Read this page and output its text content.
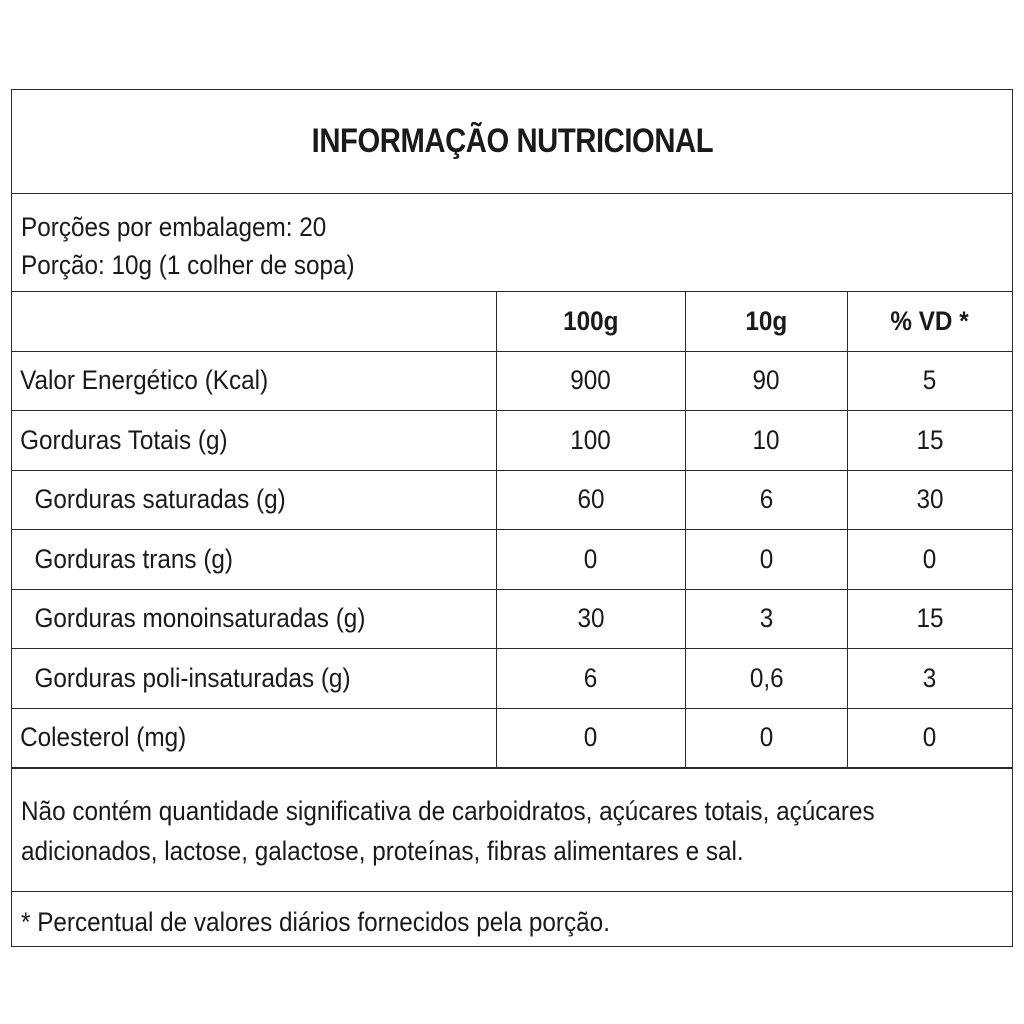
INFORMAÇÃO NUTRICIONAL
Porções por embalagem: 20
Porção: 10g (1 colher de sopa)
	100g	10g	% VD *
Valor Energético (Kcal)	900	90	5
Gorduras Totais (g)	100	10	15
Gorduras saturadas (g)	60	6	30
Gorduras trans (g)	0	0	0
Gorduras monoinsaturadas (g)	30	3	15
Gorduras poli-insaturadas (g)	6	0,6	3
Colesterol (mg)	0	0	0

Não contém quantidade significativa de carboidratos, açúcares totais, açúcares adicionados, lactose, galactose, proteínas, fibras alimentares e sal.

* Percentual de valores diários fornecidos pela porção.
